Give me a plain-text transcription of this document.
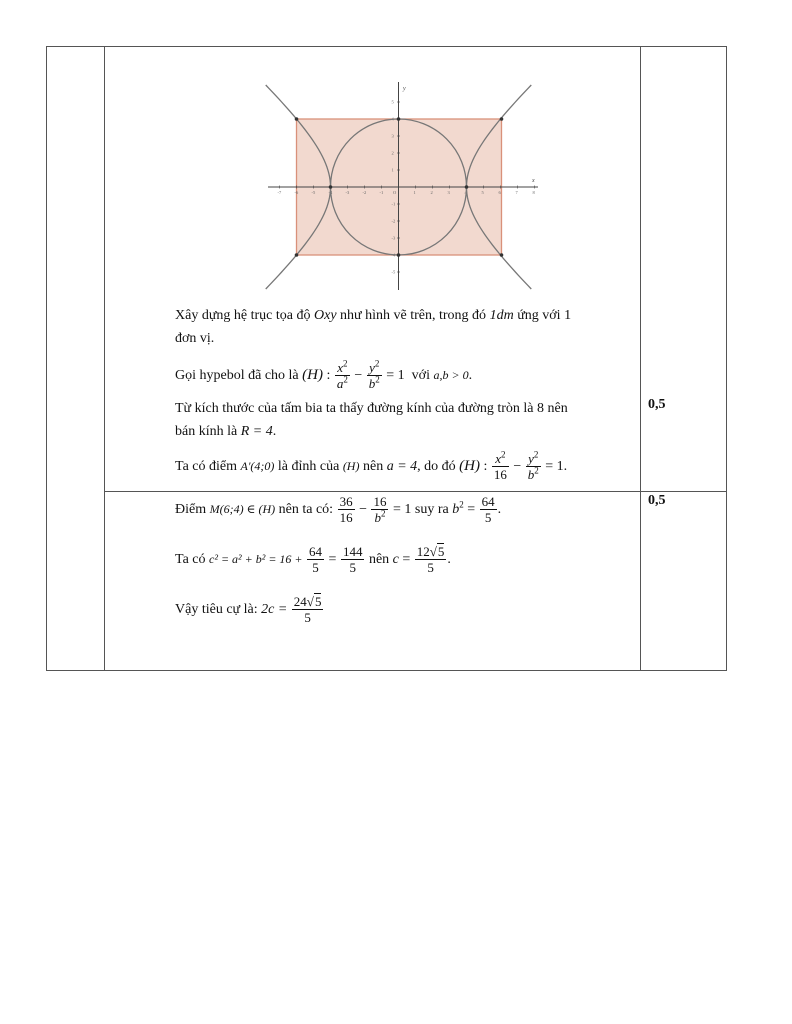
-7	-6	-5	-4	-3	-2	-1	1	2	3	4	5	6	7	8
5
4
3
2
1
-1
-2
-3
-4
-5
x
y
O
0,5
0,5
Xây dựng hệ trục tọa độ Oxy như hình vẽ trên, trong đó 1dm ứng với 1
đơn vị.
Gọi hypebol đã cho là (H) : $\frac{x^2}{a^2} - \frac{y^2}{b^2} = 1$  với a,b > 0.
Từ kích thước của tấm bia ta thấy đường kính của đường tròn là 8 nên
bán kính là R = 4.
Ta có điểm A'(4;0) là đỉnh của (H) nên a = 4, do đó (H) : $\frac{x^2}{16} - \frac{y^2}{b^2} = 1$.
Điểm M(6;4) ∈ (H) nên ta có: $\frac{36}{16} - \frac{16}{b^2} = 1$ suy ra $b^2 = \frac{64}{5}$ .
Ta có $c^2 = a^2 + b^2 = 16 + \frac{64}{5} = \frac{144}{5}$ nên $c = \frac{12√5}{5}$ .
Vậy tiêu cự là: $2c = \frac{24√5}{5}$
